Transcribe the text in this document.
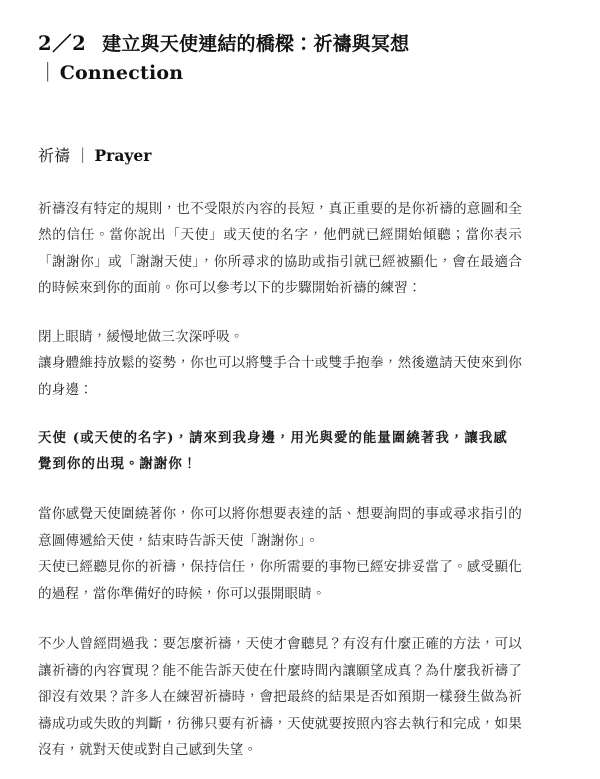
2／2 建立與天使連結的橋樑：祈禱與冥想
｜ Connection
祈禱 ｜ Prayer

祈禱沒有特定的規則，也不受限於內容的長短，真正重要的是你祈禱的意圖和全然的信任。當你說出「天使」或天使的名字，他們就已經開始傾聽；當你表示「謝謝你」或「謝謝天使」，你所尋求的協助或指引就已經被顯化，會在最適合的時候來到你的面前。你可以參考以下的步驟開始祈禱的練習：

閉上眼睛，緩慢地做三次深呼吸。

讓身體維持放鬆的姿勢，你也可以將雙手合十或雙手抱拳，然後邀請天使來到你的身邊：

天使 (或天使的名字)，請來到我身邊，用光與愛的能量圍繞著我，讓我感覺到你的出現。謝謝你！

當你感覺天使圍繞著你，你可以將你想要表達的話、想要詢問的事或尋求指引的意圖傳遞給天使，結束時告訴天使「謝謝你」。

天使已經聽見你的祈禱，保持信任，你所需要的事物已經安排妥當了。感受顯化的過程，當你準備好的時候，你可以張開眼睛。

不少人曾經問過我：要怎麼祈禱，天使才會聽見？有沒有什麼正確的方法，可以讓祈禱的內容實現？能不能告訴天使在什麼時間內讓願望成真？為什麼我祈禱了卻沒有效果？許多人在練習祈禱時，會把最終的結果是否如預期一樣發生做為祈禱成功或失敗的判斷，彷彿只要有祈禱，天使就要按照內容去執行和完成，如果沒有，就對天使或對自己感到失望。
